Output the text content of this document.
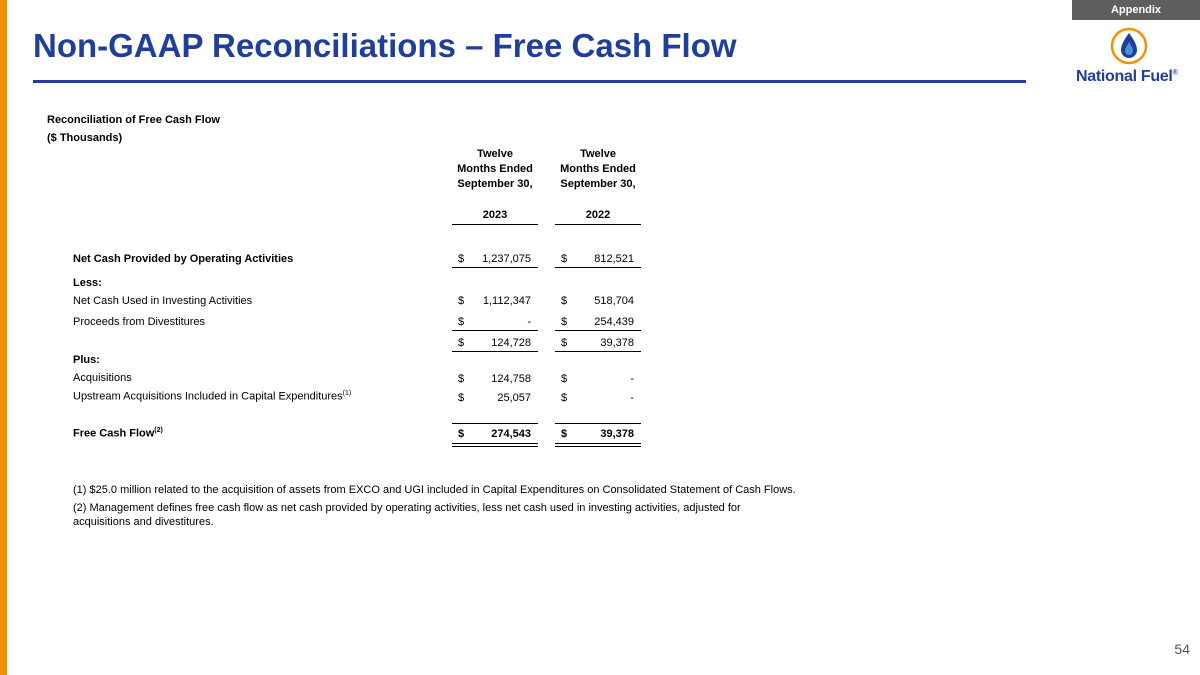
Appendix
Non-GAAP Reconciliations – Free Cash Flow
National Fuel®
Reconciliation of Free Cash Flow
($ Thousands)
Twelve
Months Ended
September 30,
Twelve
Months Ended
September 30,
2023	2022
Net Cash Provided by Operating Activities	$	1,237,075	$	812,521
Less:
Net Cash Used in Investing Activities	$	1,112,347	$	518,704
Proceeds from Divestitures	$	-	$	254,439
$	124,728	$	39,378
Plus:
Acquisitions	$	124,758	$	-
Upstream Acquisitions Included in Capital Expenditures$^{(1)}$	$	25,057	$	-
Free Cash Flow$^{(2)}$	$	274,543	$	39,378
(1) $25.0 million related to the acquisition of assets from EXCO and UGI included in Capital Expenditures on Consolidated Statement of Cash Flows.
(2) Management defines free cash flow as net cash provided by operating activities, less net cash used in investing activities, adjusted for
acquisitions and divestitures.
54
